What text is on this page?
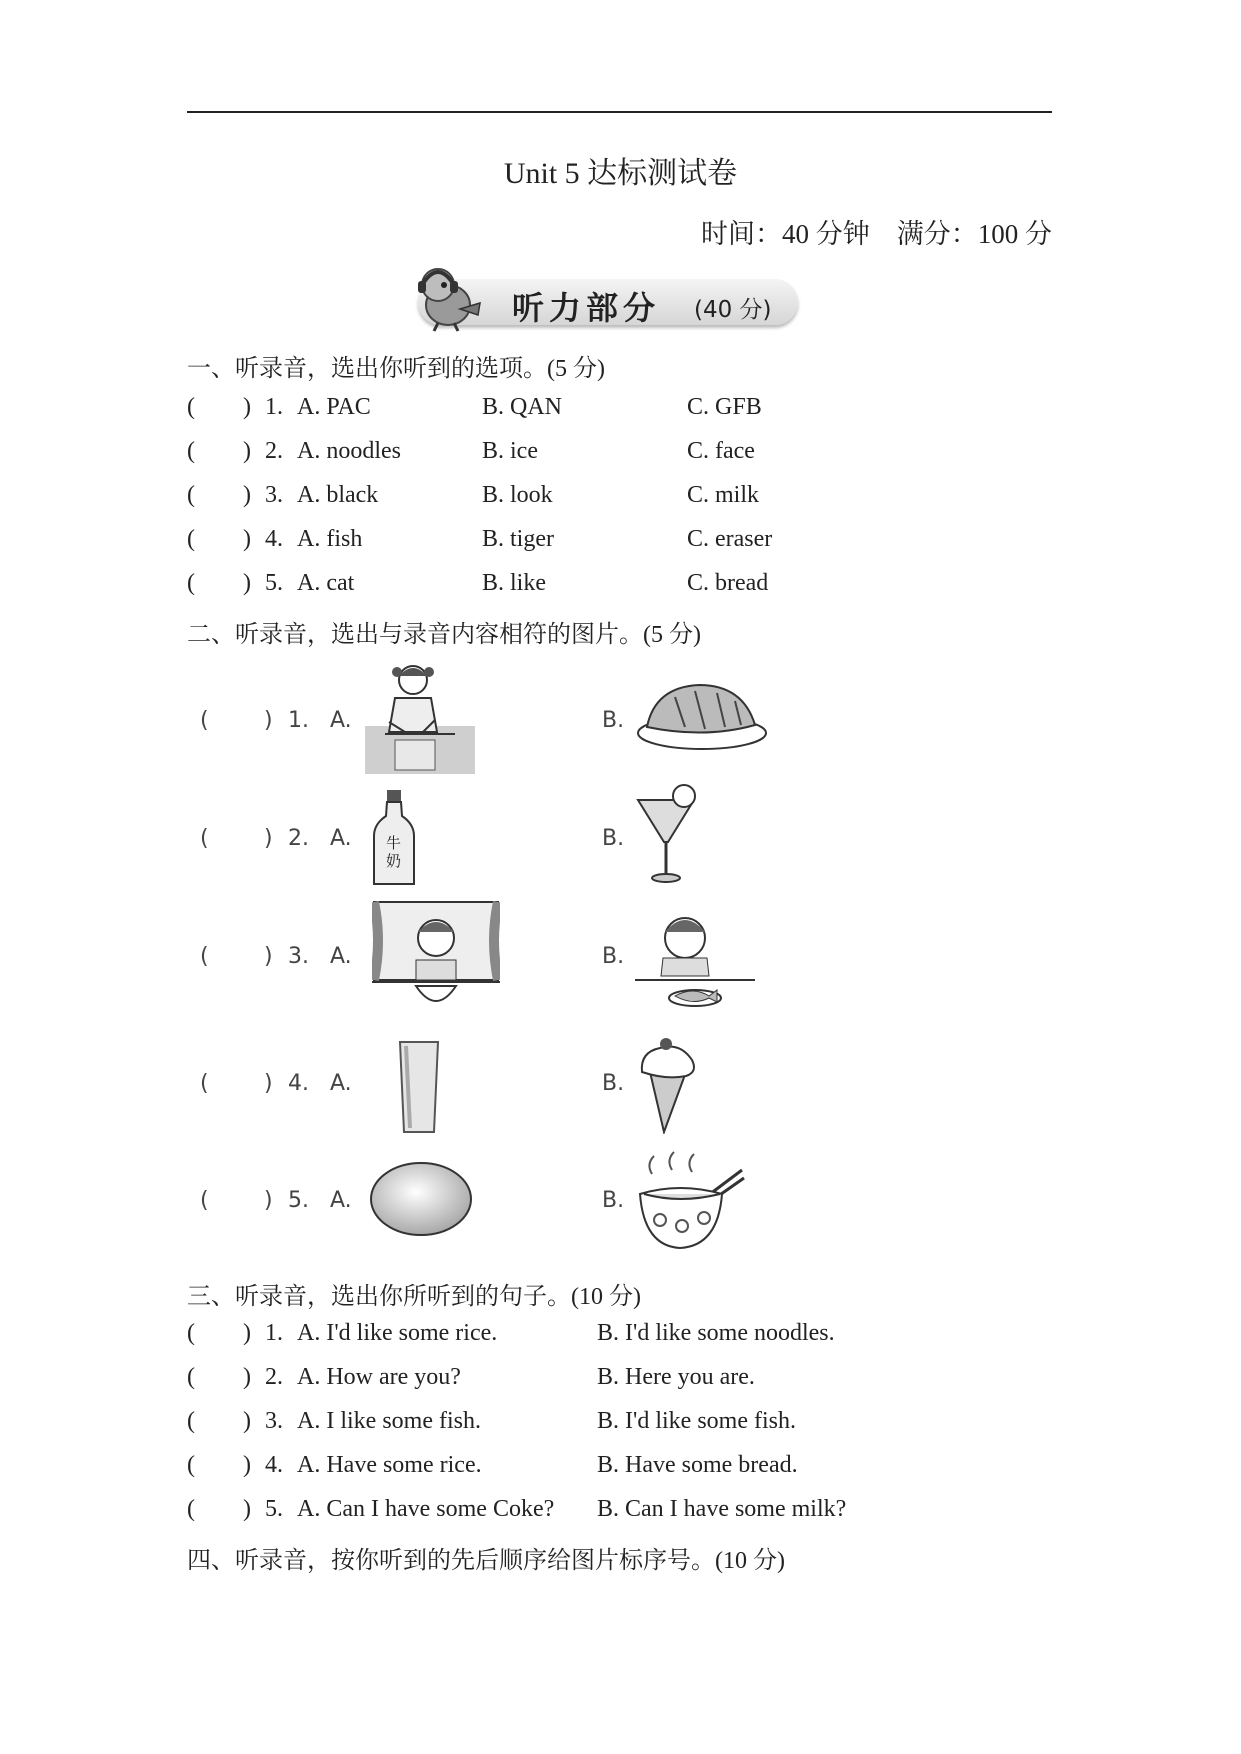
Unit 5 达标测试卷
时间：40 分钟    满分：100 分
听力部分 (40 分)
一、听录音，选出你听到的选项。(5 分)
( ) 1. A. PAC	B. QAN	C. GFB
( ) 2. A. noodles	B. ice	C. face
( ) 3. A. black	B. look	C. milk
( ) 4. A. fish	B. tiger	C. eraser
( ) 5. A. cat	B. like	C. bread
二、听录音，选出与录音内容相符的图片。(5 分)
(	) 1. A.	B.
(	) 2. A.	B.
牛奶
(	) 3. A.	B.
(	) 4. A.	B.
(	) 5. A.	B.
三、听录音，选出你所听到的句子。(10 分)
( ) 1. A. I'd like some rice.	B. I'd like some noodles.
( ) 2. A. How are you?	B. Here you are.
( ) 3. A. I like some fish.	B. I'd like some fish.
( ) 4. A. Have some rice.	B. Have some bread.
( ) 5. A. Can I have some Coke? B. Can I have some milk?
四、听录音，按你听到的先后顺序给图片标序号。(10 分)
